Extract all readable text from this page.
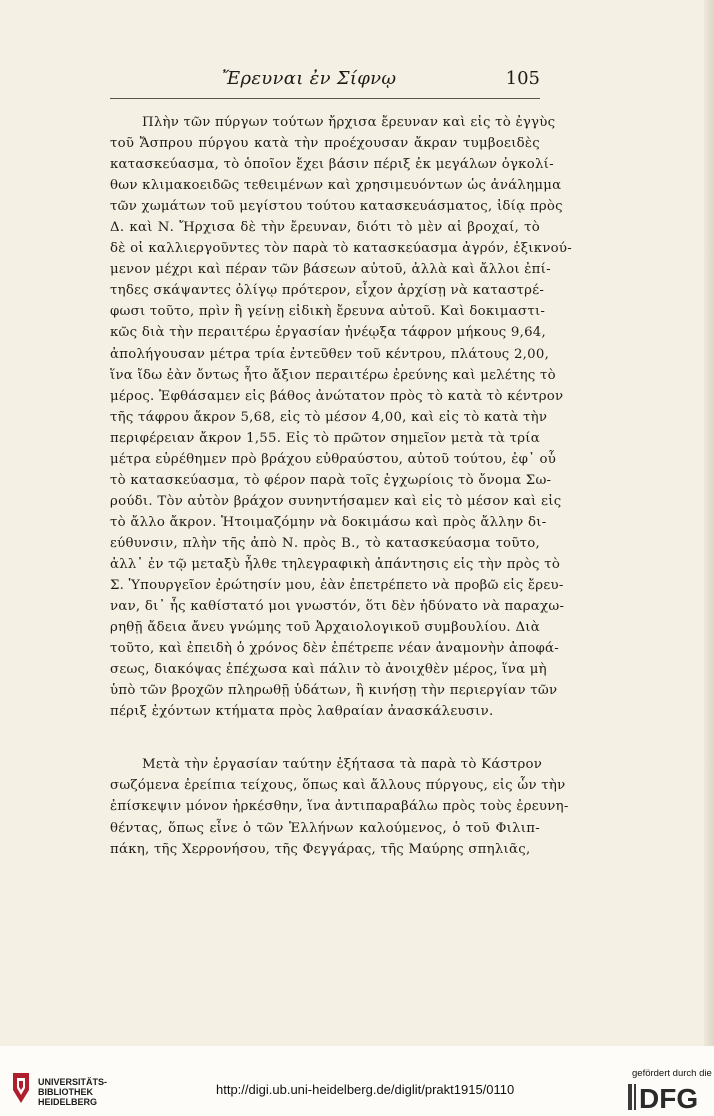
Ἔρευναι ἐν Σίφνῳ	105
Πλὴν τῶν πύργων τούτων ἤρχισα ἔρευναν καὶ εἰς τὸ ἐγγὺς
τοῦ Ἄσπρου πύργου κατὰ τὴν προέχουσαν ἄκραν τυμβοειδὲς
κατασκεύασμα, τὸ ὁποῖον ἔχει βάσιν πέριξ ἐκ μεγάλων ὀγκολί-
θων κλιμακοειδῶς τεθειμένων καὶ χρησιμευόντων ὡς ἀνάλημμα
τῶν χωμάτων τοῦ μεγίστου τούτου κατασκευάσματος, ἰδίᾳ πρὸς
Δ. καὶ Ν. Ἤρχισα δὲ τὴν ἔρευναν, διότι τὸ μὲν αἱ βροχαί, τὸ
δὲ οἱ καλλιεργοῦντες τὸν παρὰ τὸ κατασκεύασμα ἀγρόν, ἐξικνού-
μενον μέχρι καὶ πέραν τῶν βάσεων αὐτοῦ, ἀλλὰ καὶ ἄλλοι ἐπί-
τηδες σκάψαντες ὀλίγῳ πρότερον, εἶχον ἀρχίσῃ νὰ καταστρέ-
φωσι τοῦτο, πρὶν ἢ γείνῃ εἰδικὴ ἔρευνα αὐτοῦ. Καὶ δοκιμαστι-
κῶς διὰ τὴν περαιτέρω ἐργασίαν ἠνέῳξα τάφρον μήκους 9,64,
ἀπολήγουσαν μέτρα τρία ἐντεῦθεν τοῦ κέντρου, πλάτους 2,00,
ἵνα ἴδω ἐὰν ὄντως ἦτο ἄξιον περαιτέρω ἐρεύνης καὶ μελέτης τὸ
μέρος. Ἐφθάσαμεν εἰς βάθος ἀνώτατον πρὸς τὸ κατὰ τὸ κέντρον
τῆς τάφρου ἄκρον 5,68, εἰς τὸ μέσον 4,00, καὶ εἰς τὸ κατὰ τὴν
περιφέρειαν ἄκρον 1,55. Εἰς τὸ πρῶτον σημεῖον μετὰ τὰ τρία
μέτρα εὑρέθημεν πρὸ βράχου εὐθραύστου, αὐτοῦ τούτου, ἐφ᾽ οὗ
τὸ κατασκεύασμα, τὸ φέρον παρὰ τοῖς ἐγχωρίοις τὸ ὄνομα Σω-
ρούδι. Τὸν αὐτὸν βράχον συνηντήσαμεν καὶ εἰς τὸ μέσον καὶ εἰς
τὸ ἄλλο ἄκρον. Ἡτοιμαζόμην νὰ δοκιμάσω καὶ πρὸς ἄλλην δι-
εύθυνσιν, πλὴν τῆς ἀπὸ Ν. πρὸς Β., τὸ κατασκεύασμα τοῦτο,
ἀλλ᾽ ἐν τῷ μεταξὺ ἦλθε τηλεγραφικὴ ἀπάντησις εἰς τὴν πρὸς τὸ
Σ. Ὑπουργεῖον ἐρώτησίν μου, ἐὰν ἐπετρέπετο νὰ προβῶ εἰς ἔρευ-
ναν, δι᾽ ἧς καθίστατό μοι γνωστόν, ὅτι δὲν ἠδύνατο νὰ παραχω-
ρηθῇ ἄδεια ἄνευ γνώμης τοῦ Ἀρχαιολογικοῦ συμβουλίου. Διὰ
τοῦτο, καὶ ἐπειδὴ ὁ χρόνος δὲν ἐπέτρεπε νέαν ἀναμονὴν ἀποφά-
σεως, διακόψας ἐπέχωσα καὶ πάλιν τὸ ἀνοιχθὲν μέρος, ἵνα μὴ
ὑπὸ τῶν βροχῶν πληρωθῇ ὑδάτων, ἢ κινήσῃ τὴν περιεργίαν τῶν
πέριξ ἐχόντων κτήματα πρὸς λαθραίαν ἀνασκάλευσιν.
Μετὰ τὴν ἐργασίαν ταύτην ἐξήτασα τὰ παρὰ τὸ Κάστρον
σωζόμενα ἐρείπια τείχους, ὅπως καὶ ἄλλους πύργους, εἰς ὧν τὴν
ἐπίσκεψιν μόνον ἠρκέσθην, ἵνα ἀντιπαραβάλω πρὸς τοὺς ἐρευνη-
θέντας, ὅπως εἶνε ὁ τῶν Ἑλλήνων καλούμενος, ὁ τοῦ Φιλιπ-
πάκη, τῆς Χερρονήσου, τῆς Φεγγάρας, τῆς Μαύρης σπηλιᾶς,
UNIVERSITÄTS-
BIBLIOTHEK
HEIDELBERG
http://digi.ub.uni-heidelberg.de/diglit/prakt1915/0110
gefördert durch die
DFG
